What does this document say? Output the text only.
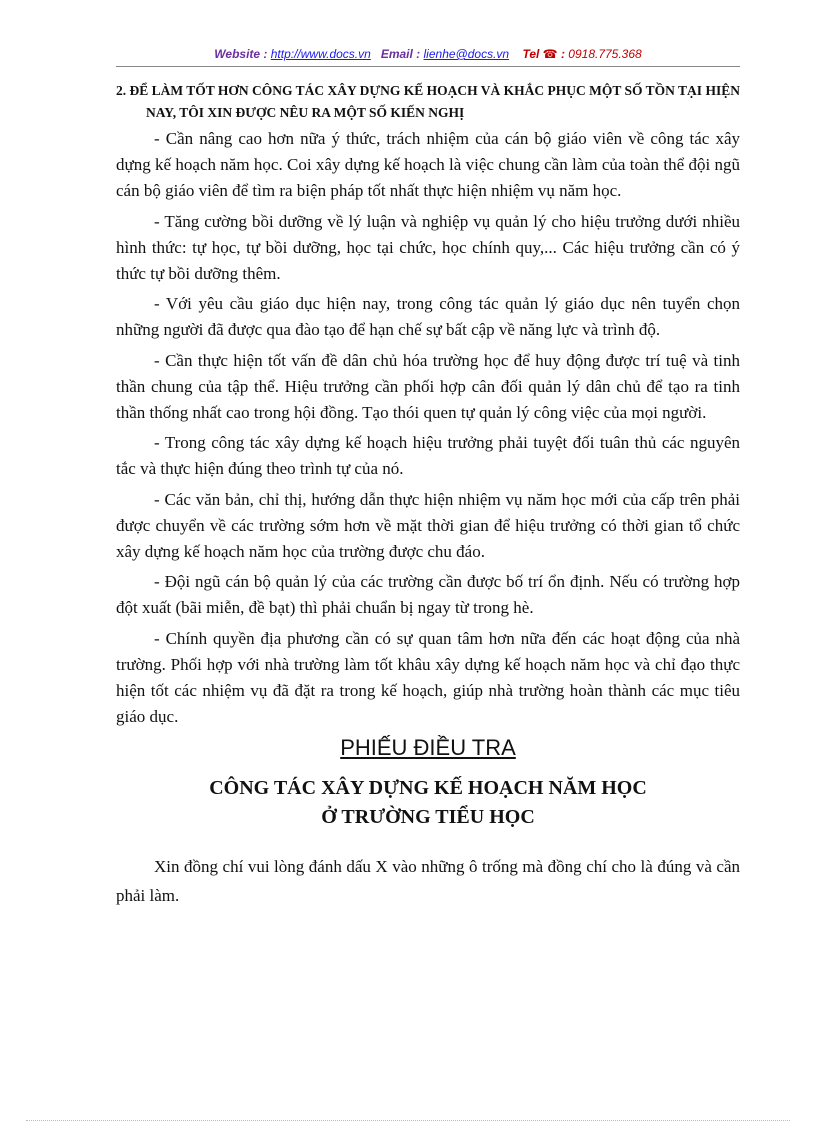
Website : http://www.docs.vn Email : lienhe@docs.vn Tel ☎ : 0918.775.368

2. ĐỂ LÀM TỐT HƠN CÔNG TÁC XÂY DỰNG KẾ HOẠCH VÀ KHẮC PHỤC MỘT SỐ TỒN TẠI HIỆN NAY, TÔI XIN ĐƯỢC NÊU RA MỘT SỐ KIẾN NGHỊ

- Cần nâng cao hơn nữa ý thức, trách nhiệm của cán bộ giáo viên về công tác xây dựng kế hoạch năm học. Coi xây dựng kế hoạch là việc chung cần làm của toàn thể đội ngũ cán bộ giáo viên để tìm ra biện pháp tốt nhất thực hiện nhiệm vụ năm học.

- Tăng cường bồi dưỡng về lý luận và nghiệp vụ quản lý cho hiệu trưởng dưới nhiều hình thức: tự học, tự bồi dưỡng, học tại chức, học chính quy,... Các hiệu trưởng cần có ý thức tự bồi dưỡng thêm.

- Với yêu cầu giáo dục hiện nay, trong công tác quản lý giáo dục nên tuyển chọn những người đã được qua đào tạo để hạn chế sự bất cập về năng lực và trình độ.

- Cần thực hiện tốt vấn đề dân chủ hóa trường học để huy động được trí tuệ và tinh thần chung của tập thể. Hiệu trưởng cần phối hợp cân đối quản lý dân chủ để tạo ra tinh thần thống nhất cao trong hội đồng. Tạo thói quen tự quản lý công việc của mọi người.

- Trong công tác xây dựng kế hoạch hiệu trưởng phải tuyệt đối tuân thủ các nguyên tắc và thực hiện đúng theo trình tự của nó.

- Các văn bản, chỉ thị, hướng dẫn thực hiện nhiệm vụ năm học mới của cấp trên phải được chuyển về các trường sớm hơn về mặt thời gian để hiệu trưởng có thời gian tổ chức xây dựng kế hoạch năm học của trường được chu đáo.

- Đội ngũ cán bộ quản lý của các trường cần được bố trí ổn định. Nếu có trường hợp đột xuất (bãi miễn, đề bạt) thì phải chuẩn bị ngay từ trong hè.

- Chính quyền địa phương cần có sự quan tâm hơn nữa đến các hoạt động của nhà trường. Phối hợp với nhà trường làm tốt khâu xây dựng kế hoạch năm học và chỉ đạo thực hiện tốt các nhiệm vụ đã đặt ra trong kế hoạch, giúp nhà trường hoàn thành các mục tiêu giáo dục.

PHIẾU ĐIỀU TRA

CÔNG TÁC XÂY DỰNG KẾ HOẠCH NĂM HỌC
Ở TRƯỜNG TIỂU HỌC

Xin đồng chí vui lòng đánh dấu X vào những ô trống mà đồng chí cho là đúng và cần phải làm.
